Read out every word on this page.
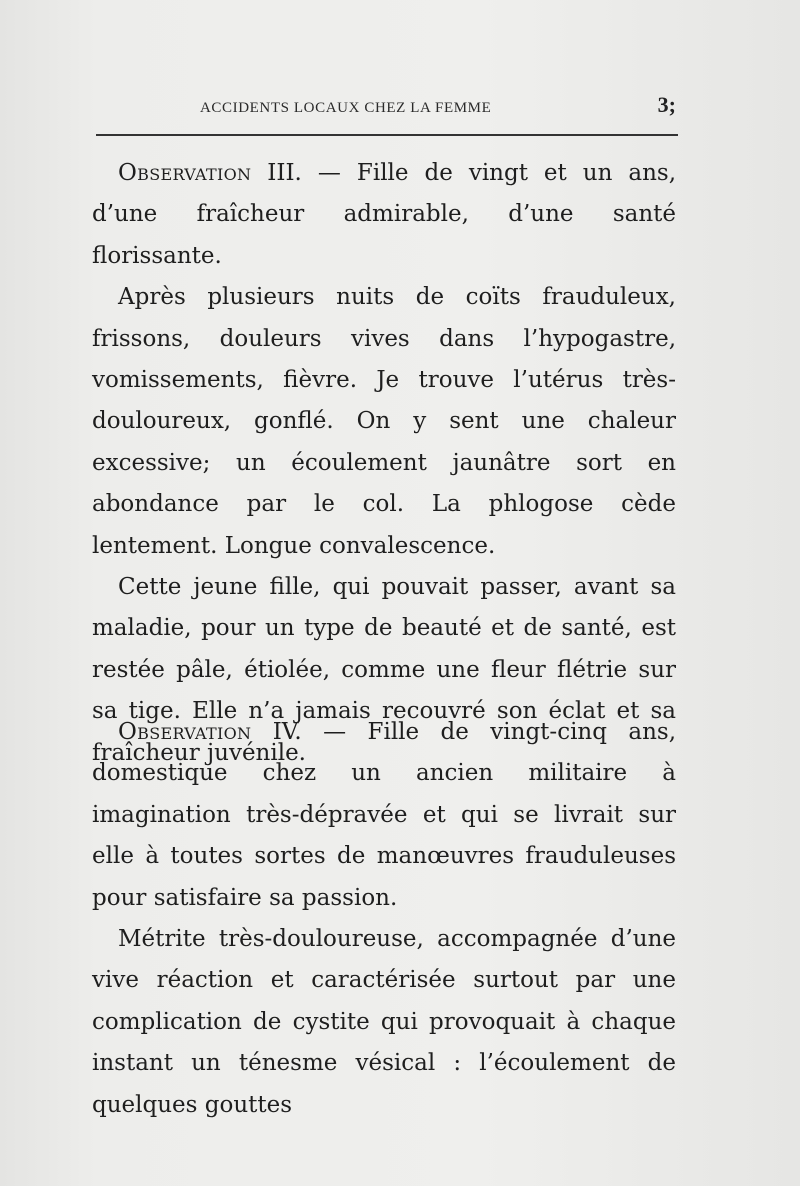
ACCIDENTS LOCAUX CHEZ LA FEMME	3;

Observation III. — Fille de vingt et un ans, d’une fraîcheur admirable, d’une santé florissante.

Après plusieurs nuits de coïts frauduleux, frissons, douleurs vives dans l’hypogastre, vomissements, fièvre. Je trouve l’utérus très-douloureux, gonflé. On y sent une chaleur excessive; un écoulement jaunâtre sort en abondance par le col. La phlogose cède lentement. Longue convalescence.

Cette jeune fille, qui pouvait passer, avant sa maladie, pour un type de beauté et de santé, est restée pâle, étiolée, comme une fleur flétrie sur sa tige. Elle n’a jamais recouvré son éclat et sa fraîcheur juvénile.

Observation IV. — Fille de vingt-cinq ans, domestique chez un ancien militaire à imagination très-dépravée et qui se livrait sur elle à toutes sortes de manœuvres frauduleuses pour satisfaire sa passion.

Métrite très-douloureuse, accompagnée d’une vive réaction et caractérisée surtout par une complication de cystite qui provoquait à chaque instant un ténesme vésical : l’écoulement de quelques gouttes
